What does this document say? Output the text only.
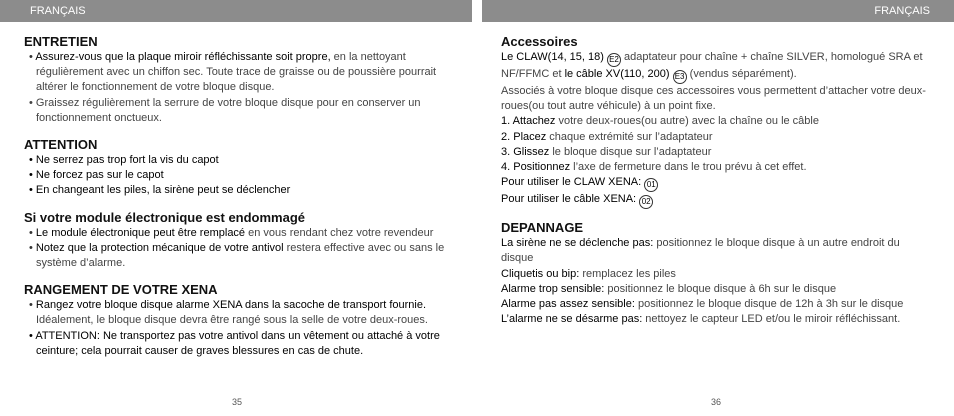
FRANÇAIS	FRANÇAIS
ENTRETIEN
• Assurez-vous que la plaque miroir réfléchissante soit propre, en la nettoyant régulièrement avec un chiffon sec. Toute trace de graisse ou de poussière pourrait altérer le fonctionnement de votre bloque disque.
• Graissez régulièrement la serrure de votre bloque disque pour en conserver un fonctionnement onctueux.
ATTENTION
• Ne serrez pas trop fort la vis du capot
• Ne forcez pas sur le capot
• En changeant les piles, la sirène peut se déclencher
Si votre module électronique est endommagé
• Le module électronique peut être remplacé en vous rendant chez votre revendeur
• Notez que la protection mécanique de votre antivol restera effective avec ou sans le système d’alarme.
RANGEMENT DE VOTRE XENA
• Rangez votre bloque disque alarme XENA dans la sacoche de transport fournie. Idéalement, le bloque disque devra être rangé sous la selle de votre deux-roues.
• ATTENTION: Ne transportez pas votre antivol dans un vêtement ou attaché à votre ceinture; cela pourrait causer de graves blessures en cas de chute.
35
Accessoires
Le CLAW(14, 15, 18) E2 adaptateur pour chaîne + chaîne SILVER, homologué SRA et NF/FFMC et le câble XV(110, 200) E3 (vendus séparément).
Associés à votre bloque disque ces accessoires vous permettent d’attacher votre deux-roues(ou tout autre véhicule) à un point fixe.
1. Attachez votre deux-roues(ou autre) avec la chaîne ou le câble
2. Placez chaque extrémité sur l’adaptateur
3. Glissez le bloque disque sur l’adaptateur
4. Positionnez l’axe de fermeture dans le trou prévu à cet effet.
Pour utiliser le CLAW XENA: 01
Pour utiliser le câble XENA: 02
DEPANNAGE
La sirène ne se déclenche pas: positionnez le bloque disque à un autre endroit du disque
Cliquetis ou bip: remplacez les piles
Alarme trop sensible: positionnez le bloque disque à 6h sur le disque
Alarme pas assez sensible: positionnez le bloque disque de 12h à 3h sur le disque
L’alarme ne se désarme pas: nettoyez le capteur LED et/ou le miroir réfléchissant.
36
